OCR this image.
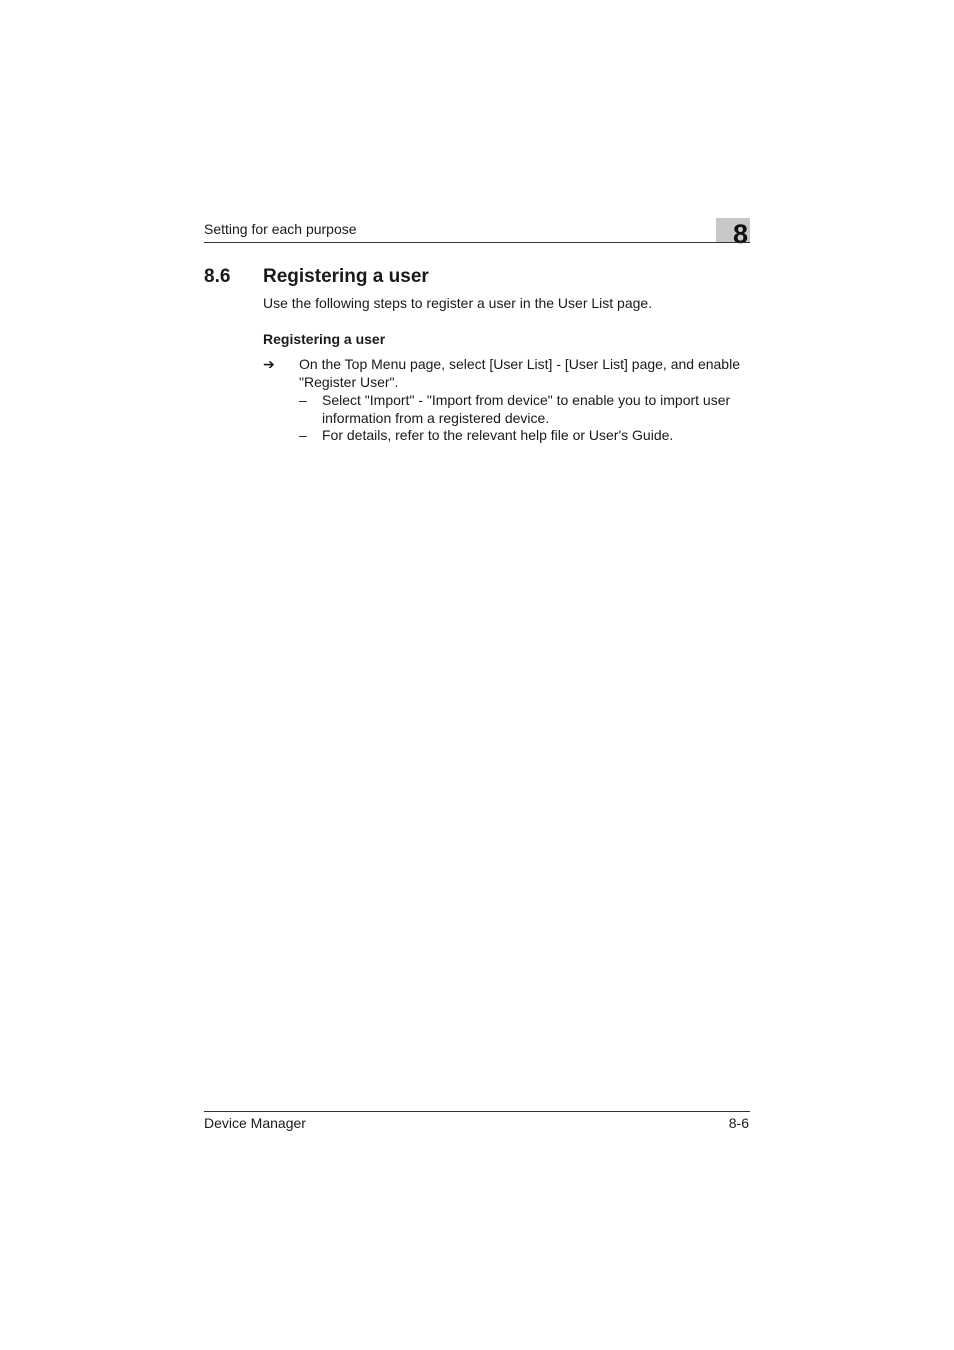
Setting for each purpose	8
8.6 Registering a user
Use the following steps to register a user in the User List page.
Registering a user
➔ On the Top Menu page, select [User List] - [User List] page, and enable "Register User".
– Select "Import" - "Import from device" to enable you to import user information from a registered device.
– For details, refer to the relevant help file or User's Guide.
Device Manager	8-6
